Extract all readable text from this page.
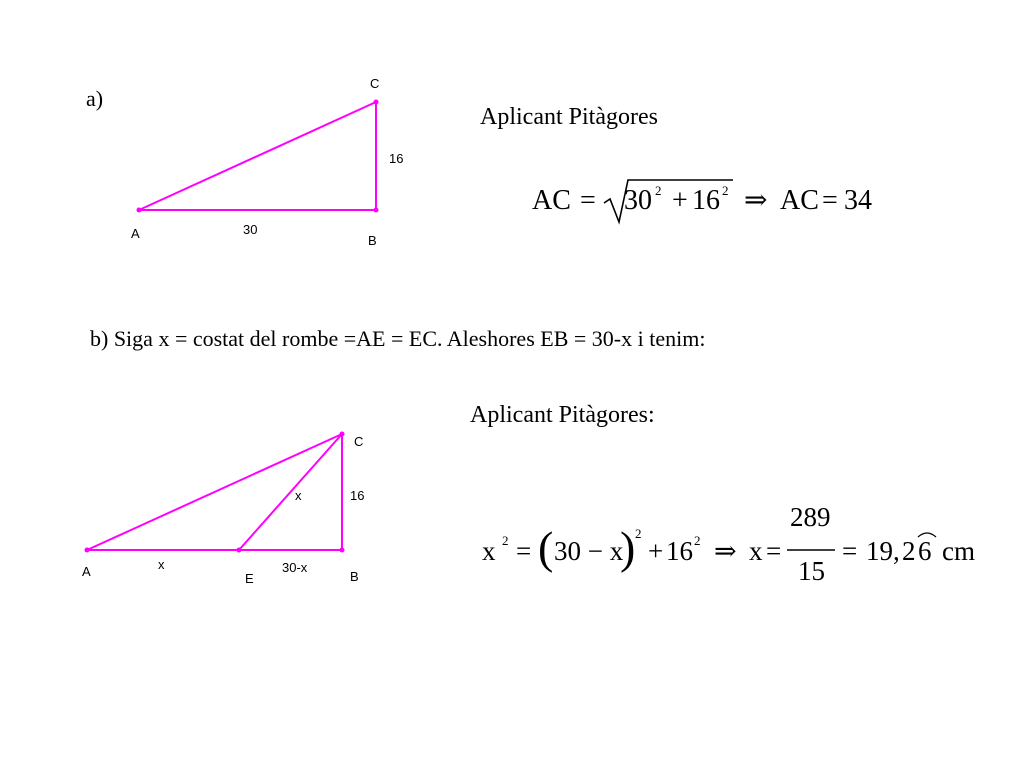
a)
Aplicant Pitàgores
C
A	B
30
16
AC = 30 2 + 16 2 ⇒ AC = 34
b) Siga x = costat del rombe =AE = EC. Aleshores EB = 30-x i tenim:
Aplicant Pitàgores:
C
x	16
A	x
E
30-x
B
x 2 = ( 30 − x
) 2
+ 16 2 ⇒ x =
289
15
= 19, 2 6 cm
